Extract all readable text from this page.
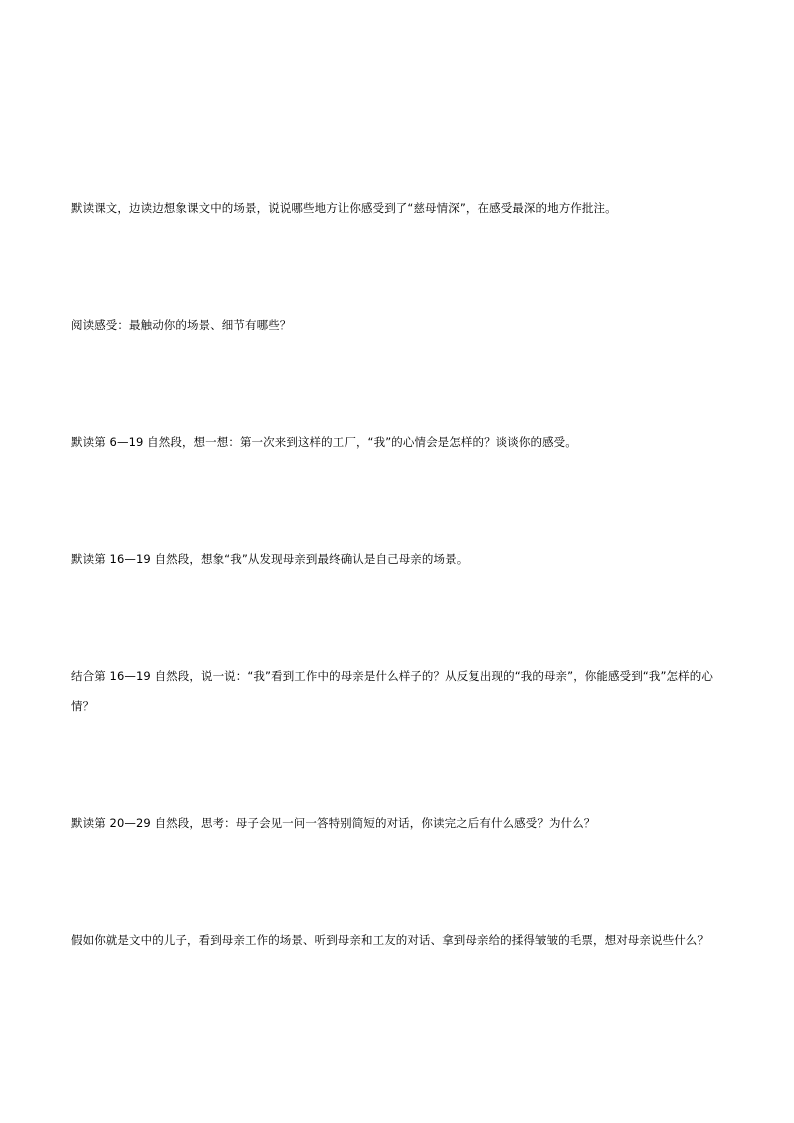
默读课文，边读边想象课文中的场景，说说哪些地方让你感受到了“慈母情深”，在感受最深的地方作批注。

阅读感受：最触动你的场景、细节有哪些？

默读第 6—19 自然段，想一想：第一次来到这样的工厂，“我”的心情会是怎样的？谈谈你的感受。

默读第 16—19 自然段，想象“我”从发现母亲到最终确认是自己母亲的场景。

结合第 16—19 自然段，说一说：“我”看到工作中的母亲是什么样子的？从反复出现的“我的母亲”，你能感受到“我”怎样的心情？

默读第 20—29 自然段，思考：母子会见一问一答特别简短的对话，你读完之后有什么感受？为什么？

假如你就是文中的儿子，看到母亲工作的场景、听到母亲和工友的对话、拿到母亲给的揉得皱皱的毛票，想对母亲说些什么？
